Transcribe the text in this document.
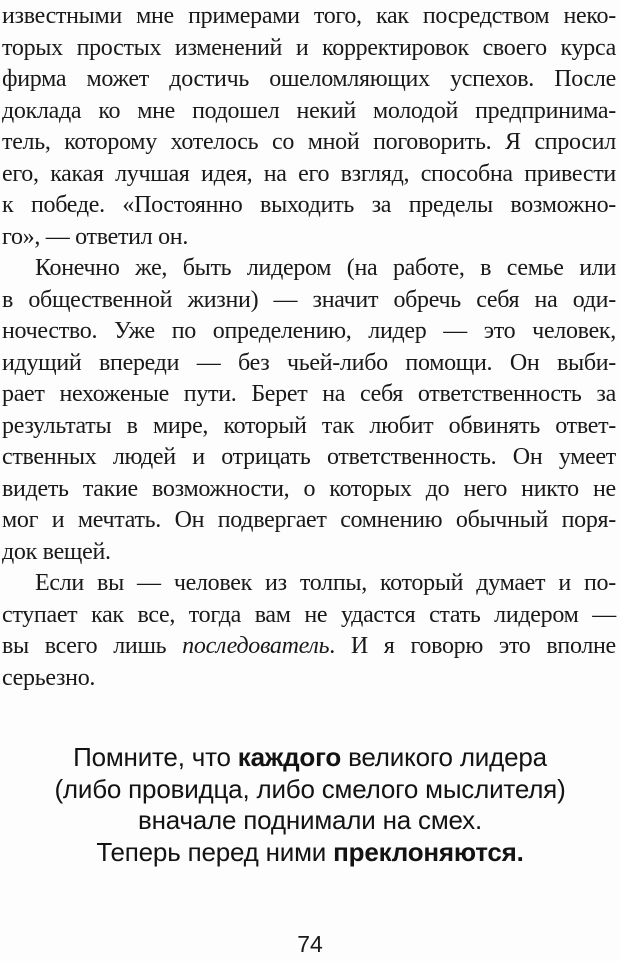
известными мне примерами того, как посредством неко-
торых простых изменений и корректировок своего курса
фирма может достичь ошеломляющих успехов. После
доклада ко мне подошел некий молодой предпринима-
тель, которому хотелось со мной поговорить. Я спросил
его, какая лучшая идея, на его взгляд, способна привести
к победе. «Постоянно выходить за пределы возможно-
го», — ответил он.
Конечно же, быть лидером (на работе, в семье или
в общественной жизни) — значит обречь себя на оди-
ночество. Уже по определению, лидер — это человек,
идущий впереди — без чьей-либо помощи. Он выби-
рает нехоженые пути. Берет на себя ответственность за
результаты в мире, который так любит обвинять ответ-
ственных людей и отрицать ответственность. Он умеет
видеть такие возможности, о которых до него никто не
мог и мечтать. Он подвергает сомнению обычный поря-
док вещей.
Если вы — человек из толпы, который думает и по-
ступает как все, тогда вам не удастся стать лидером —
вы всего лишь последователь. И я говорю это вполне
серьезно.
Помните, что каждого великого лидера
(либо провидца, либо смелого мыслителя)
вначале поднимали на смех.
Теперь перед ними преклоняются.
74
